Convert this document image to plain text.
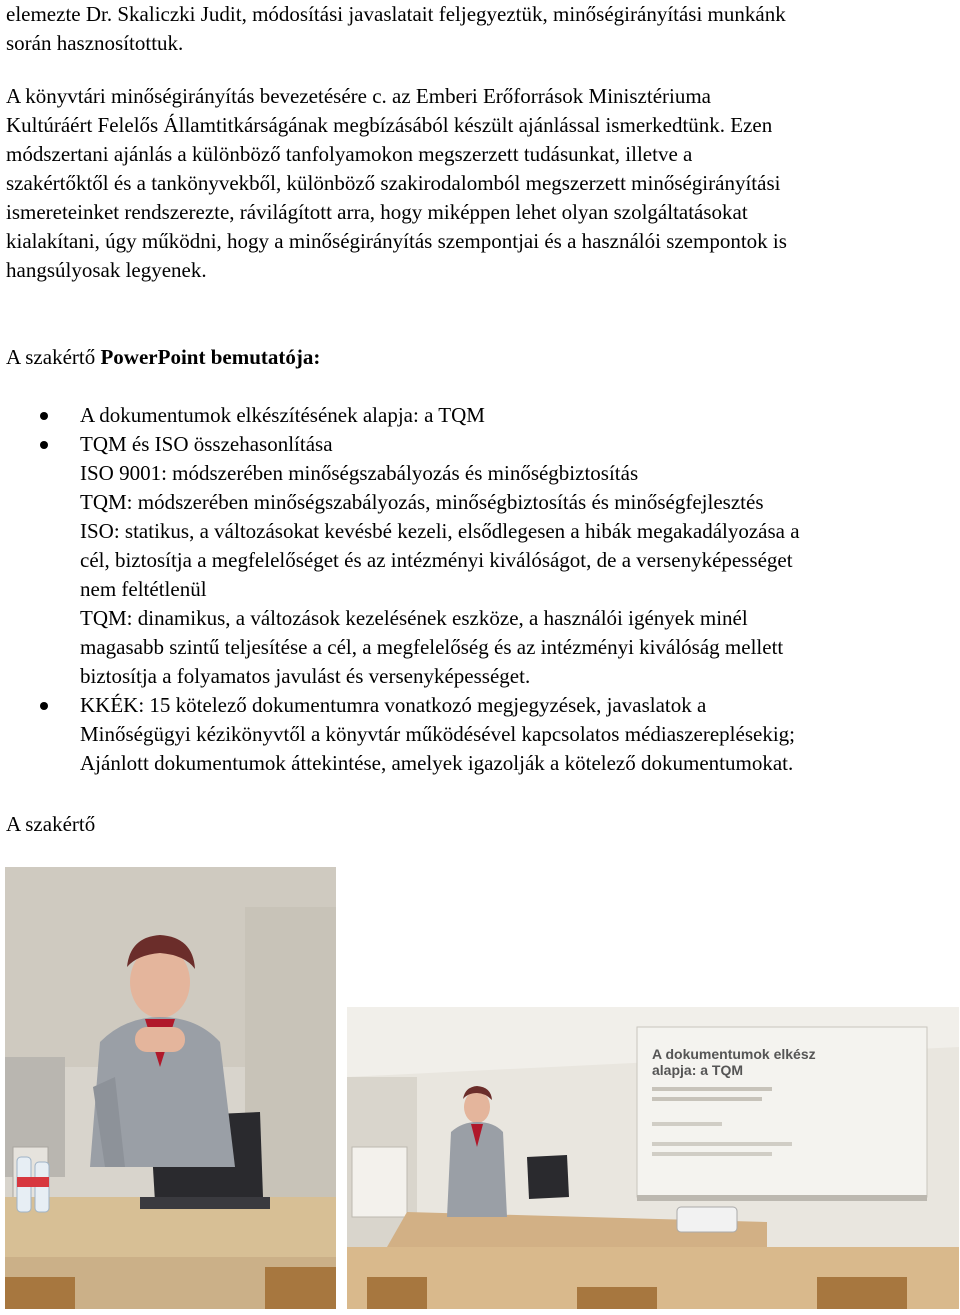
elemezte Dr. Skaliczki Judit, módosítási javaslatait feljegyeztük, minőségirányítási munkánk

során hasznosítottuk.

A könyvtári minőségirányítás bevezetésére c. az Emberi Erőforrások Minisztériuma

Kultúráért Felelős Államtitkárságának megbízásából készült ajánlással ismerkedtünk. Ezen

módszertani ajánlás a különböző tanfolyamokon megszerzett tudásunkat, illetve a

szakértőktől és a tankönyvekből, különböző szakirodalomból megszerzett minőségirányítási

ismereteinket rendszerezte, rávilágított arra, hogy miképpen lehet olyan szolgáltatásokat

kialakítani, úgy működni, hogy a minőségirányítás szempontjai és a használói szempontok is

hangsúlyosak legyenek.

A szakértő PowerPoint bemutatója:

A dokumentumok elkészítésének alapja: a TQM

TQM és ISO összehasonlítása

ISO 9001: módszerében minőségszabályozás és minőségbiztosítás

TQM: módszerében minőségszabályozás, minőségbiztosítás és minőségfejlesztés

ISO: statikus, a változásokat kevésbé kezeli, elsődlegesen a hibák megakadályozása a

cél, biztosítja a megfelelőséget és az intézményi kiválóságot, de a versenyképességet

nem feltétlenül

TQM: dinamikus, a változások kezelésének eszköze, a használói igények minél

magasabb szintű teljesítése a cél, a megfelelőség és az intézményi kiválóság mellett

biztosítja a folyamatos javulást és versenyképességet.

KKÉK: 15 kötelező dokumentumra vonatkozó megjegyzések, javaslatok a

Minőségügyi kézikönyvtől a könyvtár működésével kapcsolatos médiaszereplésekig;

Ajánlott dokumentumok áttekintése, amelyek igazolják a kötelező dokumentumokat.

A szakértő
A dokumentumok elkész
alapja: a TQM
